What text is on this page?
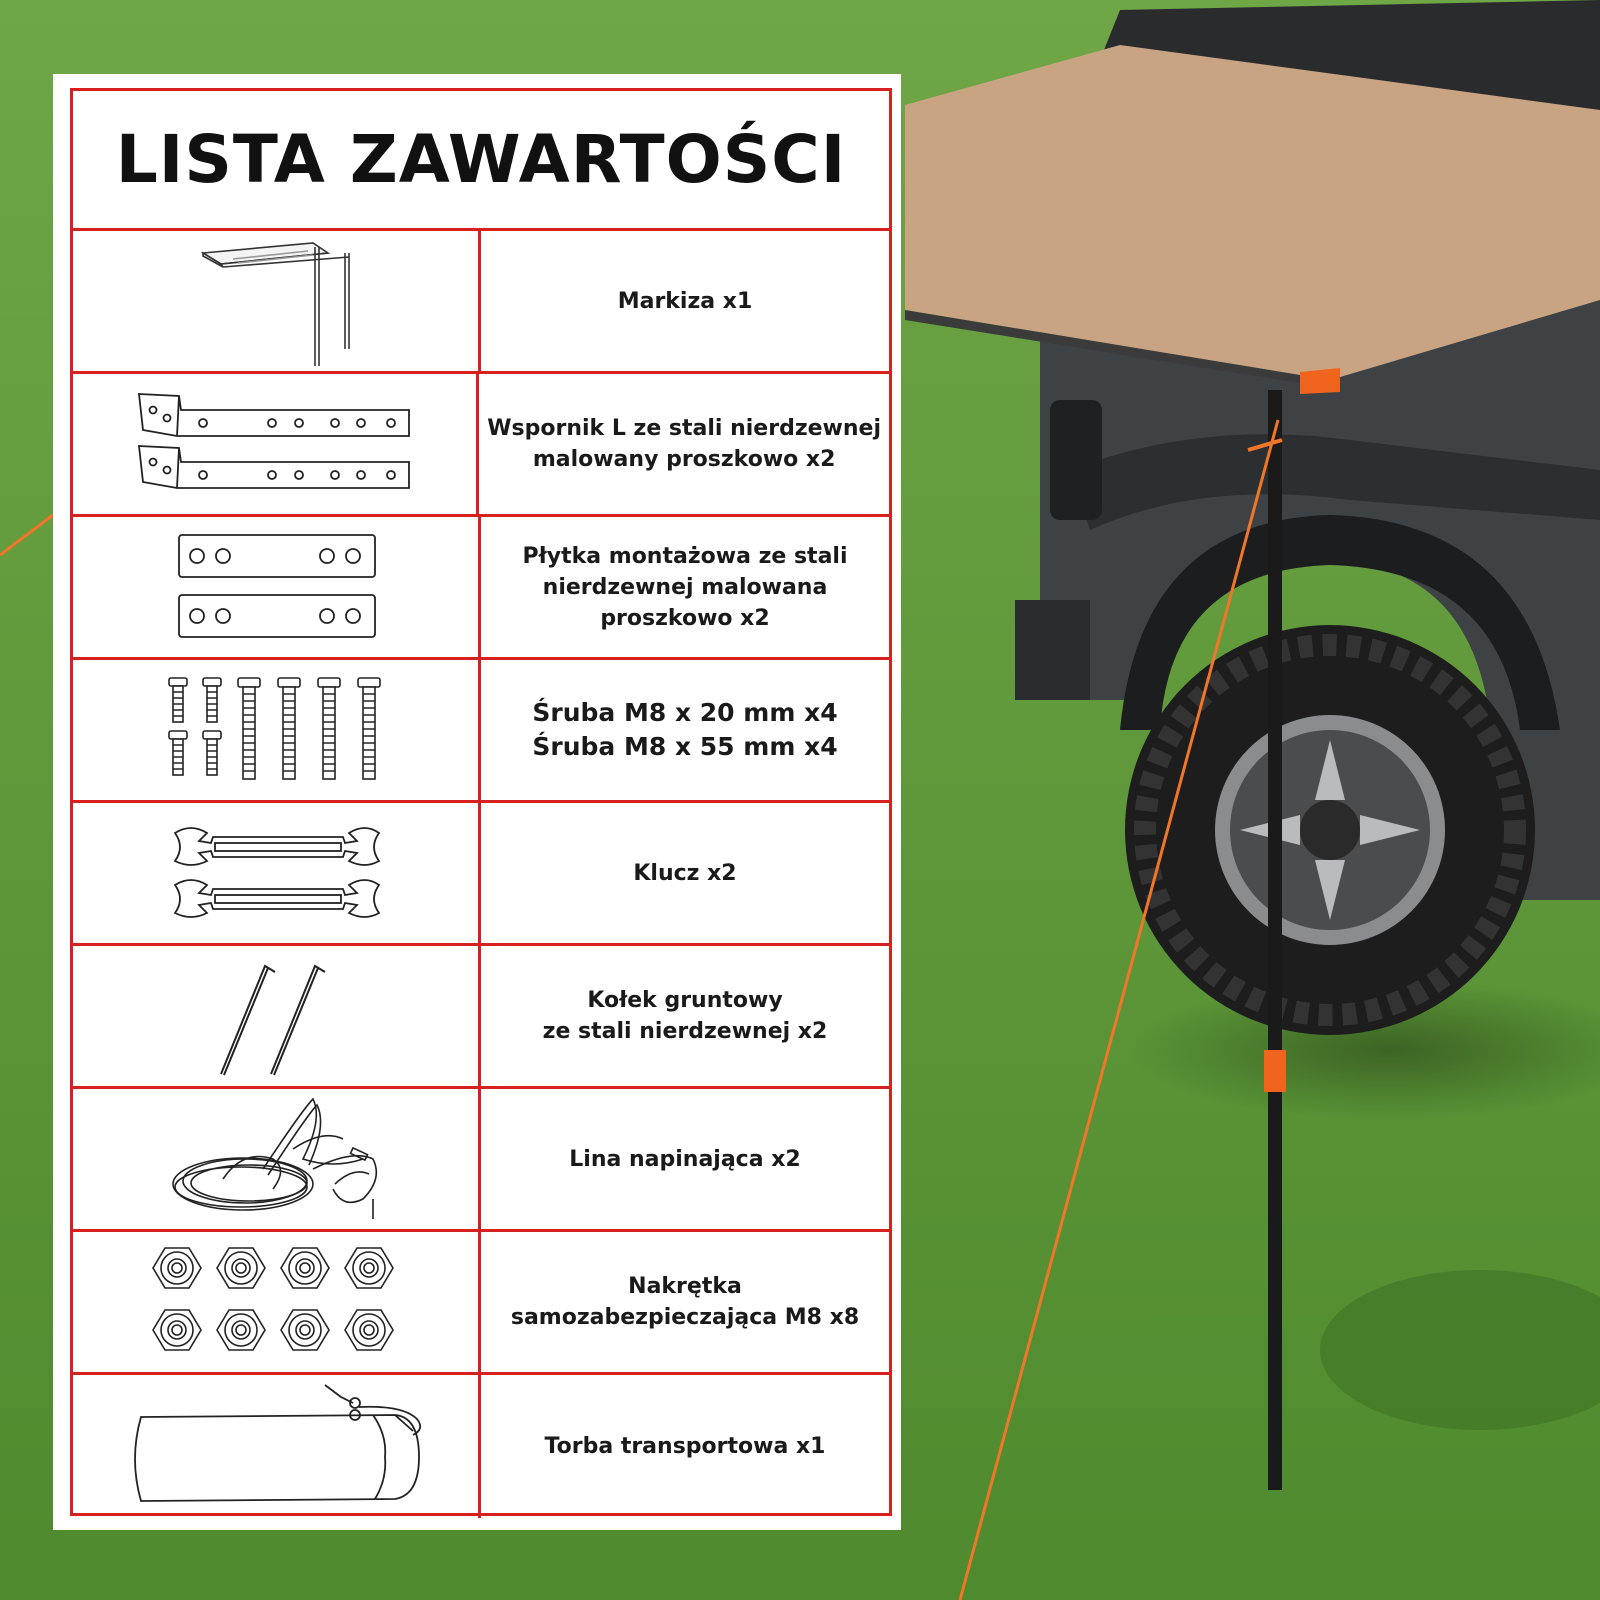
LISTA ZAWARTOŚCI
Markiza x1
Wspornik L ze stali nierdzewnej
malowany proszkowo x2
Płytka montażowa ze stali
nierdzewnej malowana
proszkowo x2
Śruba M8 x 20 mm x4
Śruba M8 x 55 mm x4
Klucz x2
Kołek gruntowy
ze stali nierdzewnej x2
Lina napinająca x2
Nakrętka
samozabezpieczająca M8 x8
Torba transportowa x1
